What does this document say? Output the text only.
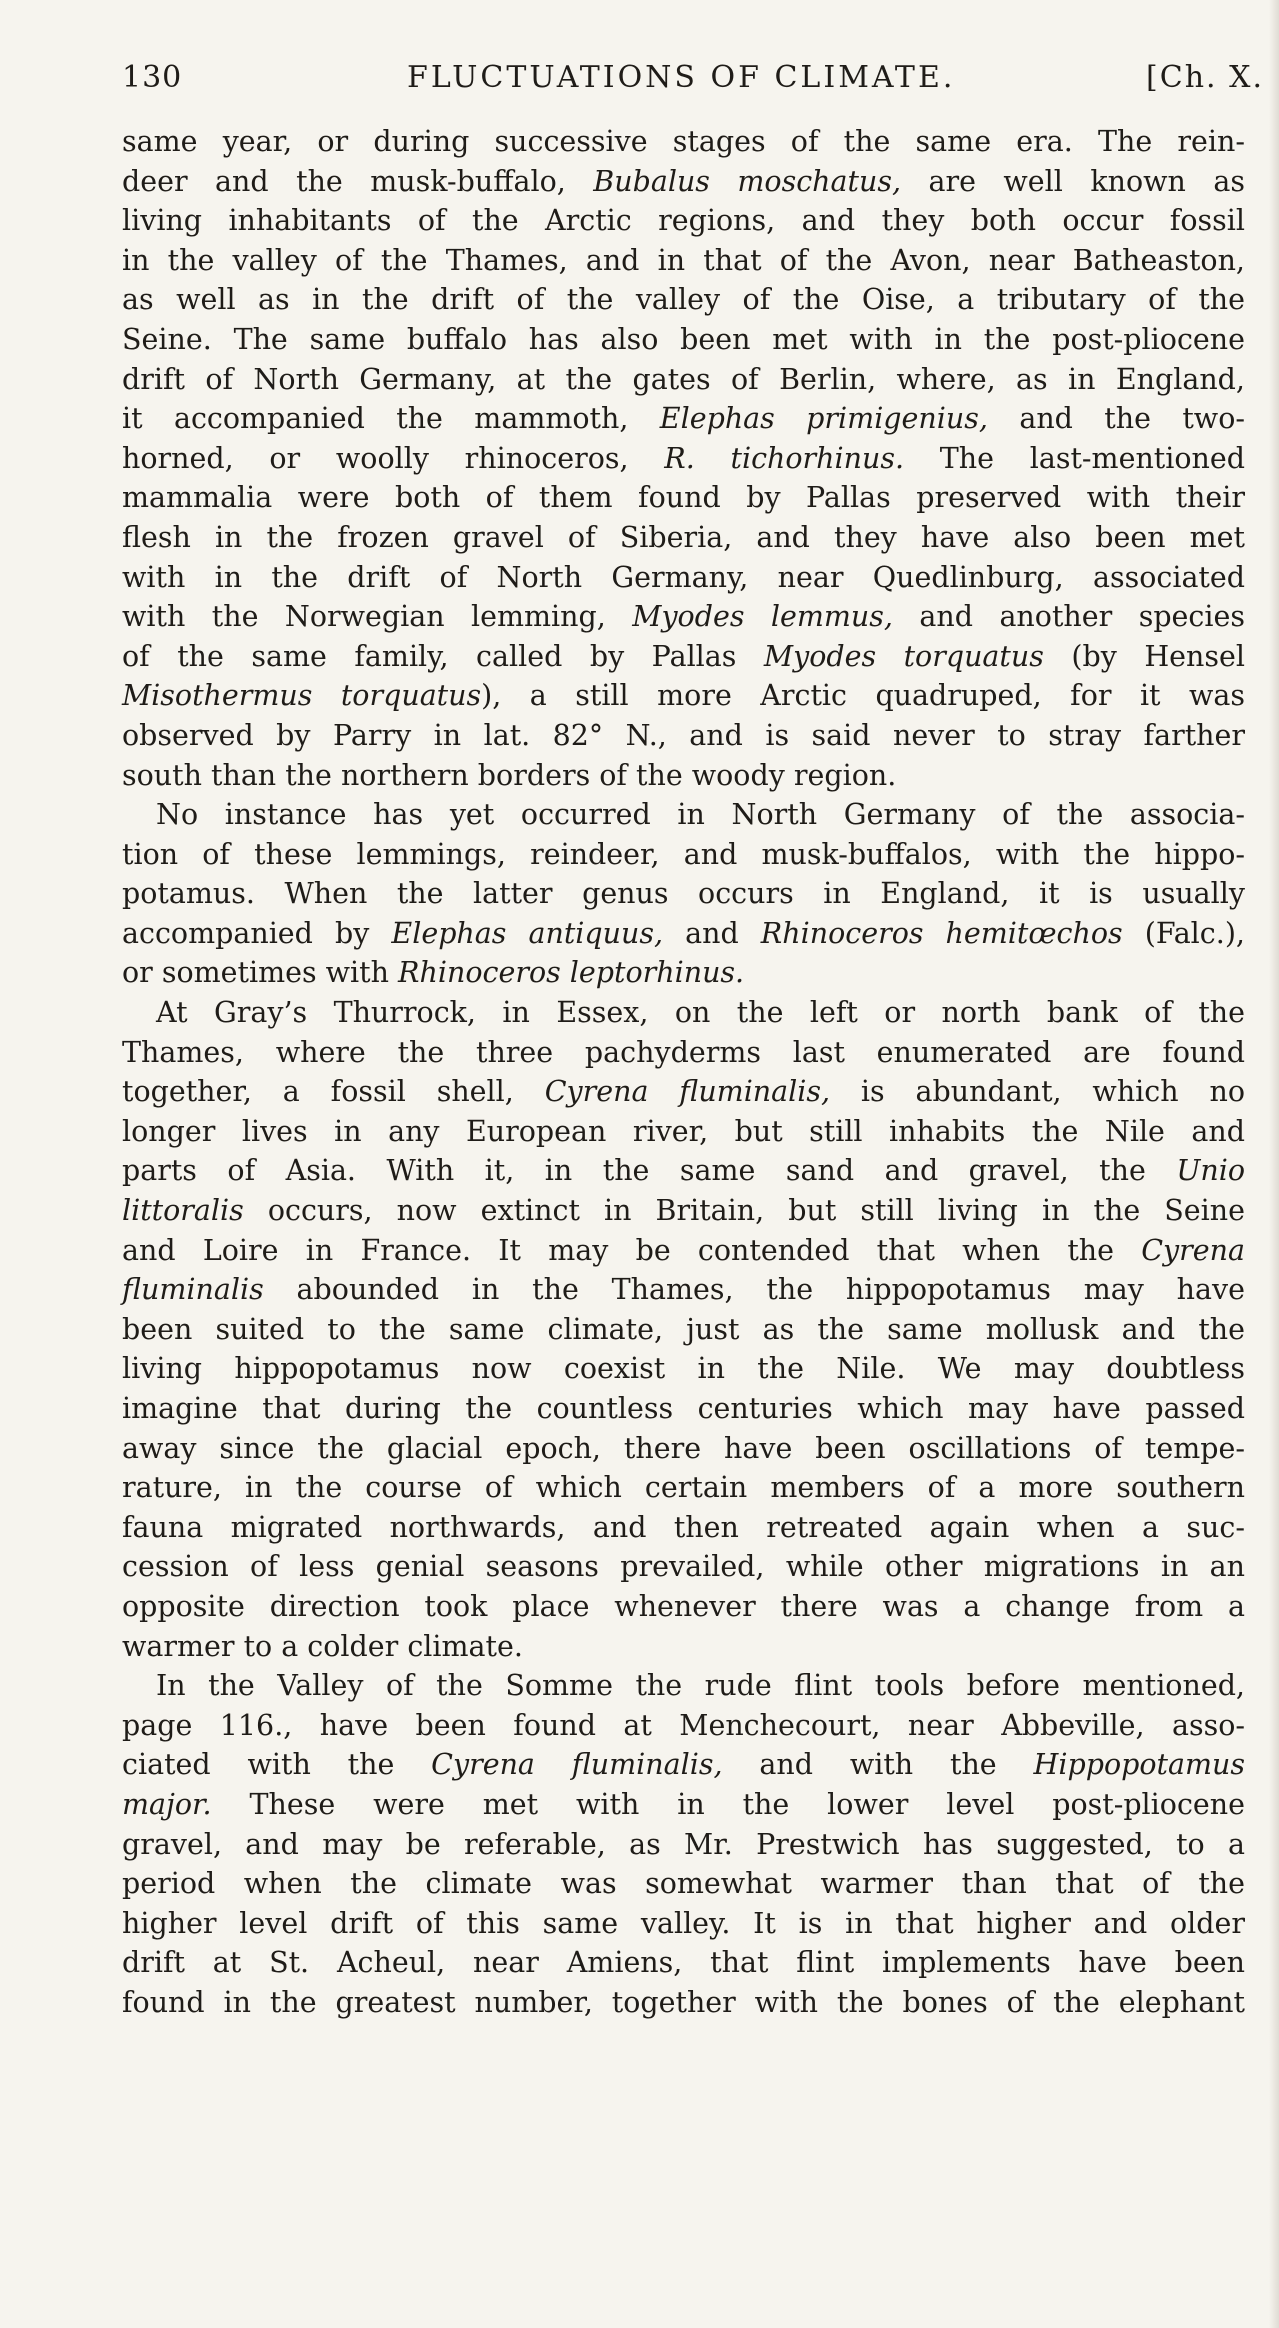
130	FLUCTUATIONS OF CLIMATE.	[Ch. X.
same year, or during successive stages of the same era. The rein-
deer and the musk-buffalo, Bubalus moschatus, are well known as
living inhabitants of the Arctic regions, and they both occur fossil
in the valley of the Thames, and in that of the Avon, near Batheaston,
as well as in the drift of the valley of the Oise, a tributary of the
Seine. The same buffalo has also been met with in the post-pliocene
drift of North Germany, at the gates of Berlin, where, as in England,
it accompanied the mammoth, Elephas primigenius, and the two-
horned, or woolly rhinoceros, R. tichorhinus. The last-mentioned
mammalia were both of them found by Pallas preserved with their
flesh in the frozen gravel of Siberia, and they have also been met
with in the drift of North Germany, near Quedlinburg, associated
with the Norwegian lemming, Myodes lemmus, and another species
of the same family, called by Pallas Myodes torquatus (by Hensel
Misothermus torquatus), a still more Arctic quadruped, for it was
observed by Parry in lat. 82° N., and is said never to stray farther
south than the northern borders of the woody region.
No instance has yet occurred in North Germany of the associa-
tion of these lemmings, reindeer, and musk-buffalos, with the hippo-
potamus. When the latter genus occurs in England, it is usually
accompanied by Elephas antiquus, and Rhinoceros hemitœchos (Falc.),
or sometimes with Rhinoceros leptorhinus.
At Gray’s Thurrock, in Essex, on the left or north bank of the
Thames, where the three pachyderms last enumerated are found
together, a fossil shell, Cyrena fluminalis, is abundant, which no
longer lives in any European river, but still inhabits the Nile and
parts of Asia. With it, in the same sand and gravel, the Unio
littoralis occurs, now extinct in Britain, but still living in the Seine
and Loire in France. It may be contended that when the Cyrena
fluminalis abounded in the Thames, the hippopotamus may have
been suited to the same climate, just as the same mollusk and the
living hippopotamus now coexist in the Nile. We may doubtless
imagine that during the countless centuries which may have passed
away since the glacial epoch, there have been oscillations of tempe-
rature, in the course of which certain members of a more southern
fauna migrated northwards, and then retreated again when a suc-
cession of less genial seasons prevailed, while other migrations in an
opposite direction took place whenever there was a change from a
warmer to a colder climate.
In the Valley of the Somme the rude flint tools before mentioned,
page 116., have been found at Menchecourt, near Abbeville, asso-
ciated with the Cyrena fluminalis, and with the Hippopotamus
major. These were met with in the lower level post-pliocene
gravel, and may be referable, as Mr. Prestwich has suggested, to a
period when the climate was somewhat warmer than that of the
higher level drift of this same valley. It is in that higher and older
drift at St. Acheul, near Amiens, that flint implements have been
found in the greatest number, together with the bones of the elephant
